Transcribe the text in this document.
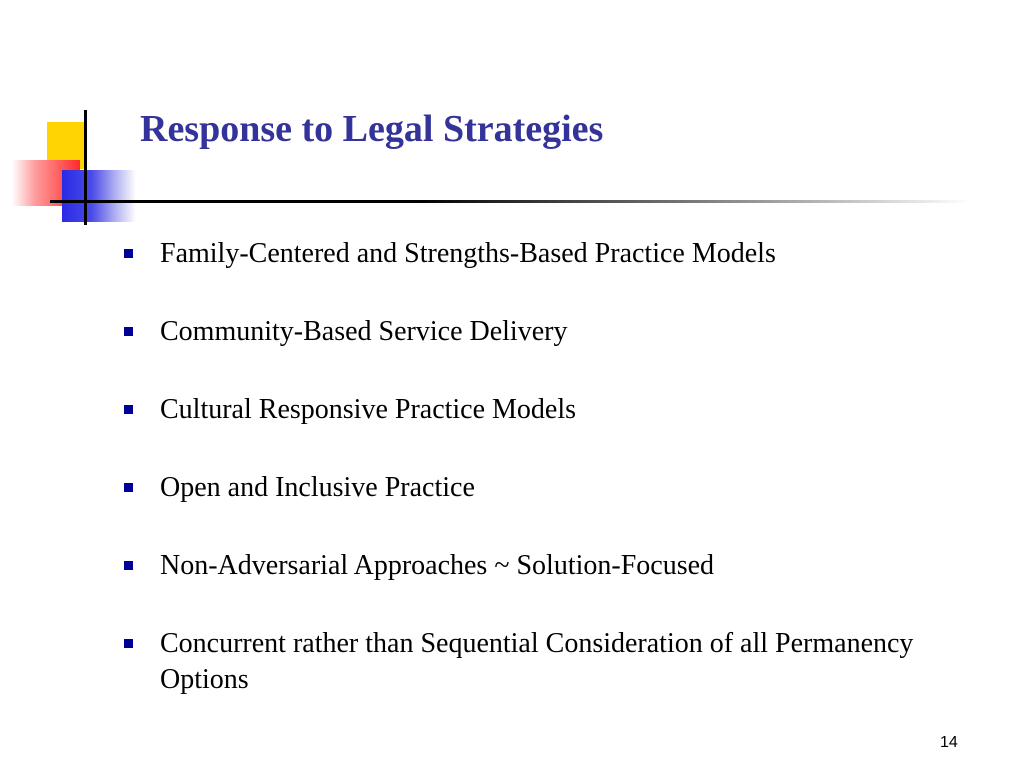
Response to Legal Strategies
Family-Centered and Strengths-Based Practice Models
Community-Based Service Delivery
Cultural Responsive Practice Models
Open and Inclusive Practice
Non-Adversarial Approaches ~ Solution-Focused
Concurrent rather than Sequential Consideration of all Permanency Options
14
